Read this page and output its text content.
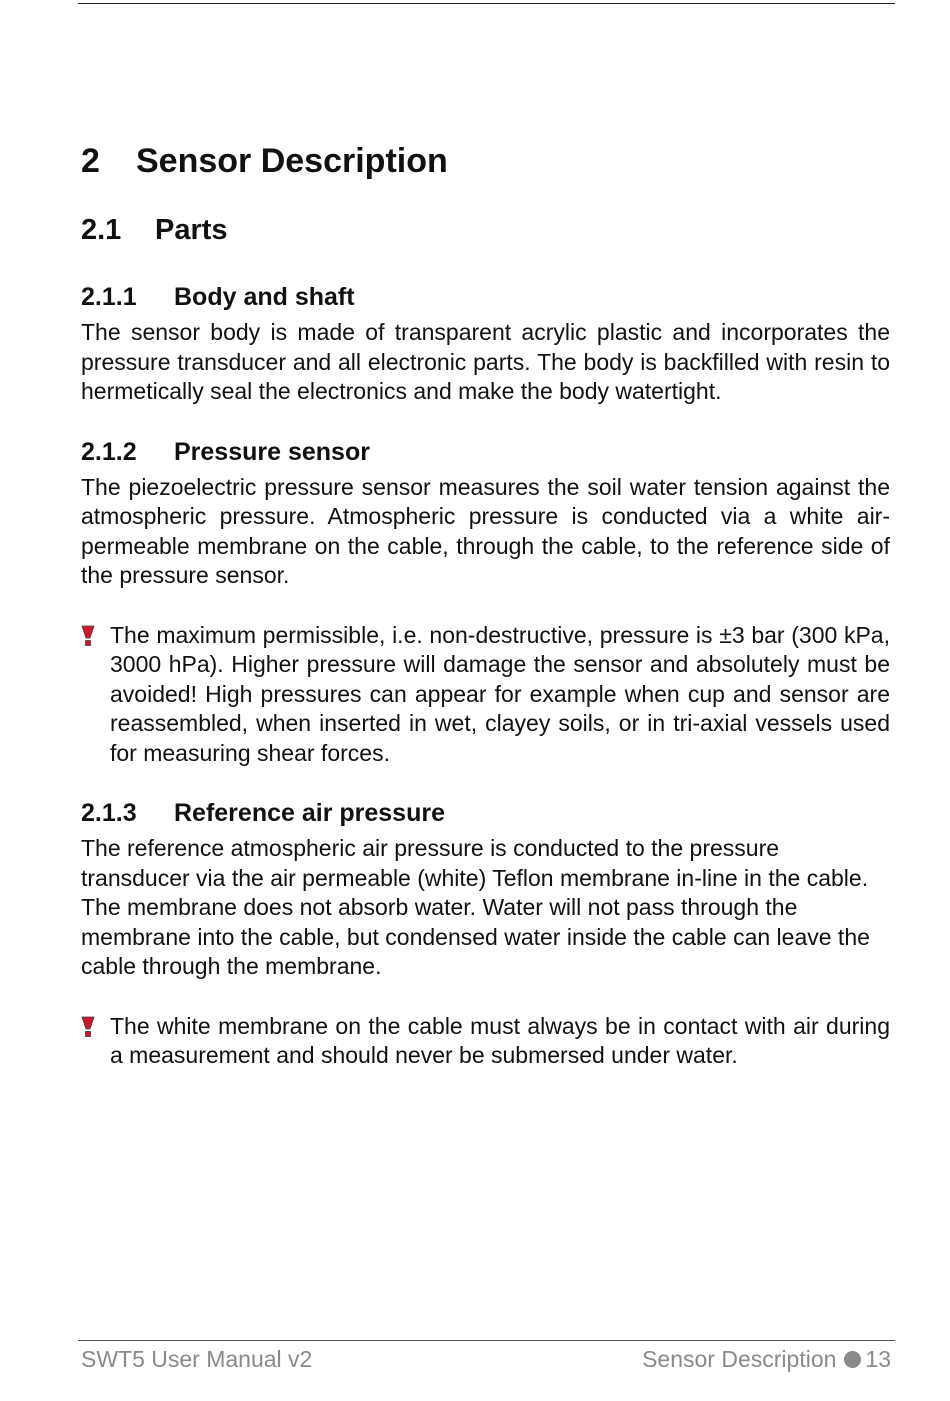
2 Sensor Description
2.1 Parts
2.1.1 Body and shaft

The sensor body is made of transparent acrylic plastic and incorporates the pressure transducer and all electronic parts. The body is backfilled with resin to hermetically seal the electronics and make the body watertight.

2.1.2 Pressure sensor

The piezoelectric pressure sensor measures the soil water tension against the atmospheric pressure. Atmospheric pressure is conducted via a white air-permeable membrane on the cable, through the cable, to the reference side of the pressure sensor.

The maximum permissible, i.e. non-destructive, pressure is ±3 bar (300 kPa, 3000 hPa). Higher pressure will damage the sensor and absolutely must be avoided! High pressures can appear for example when cup and sensor are reassembled, when inserted in wet, clayey soils, or in tri-axial vessels used for measuring shear forces.

2.1.3 Reference air pressure

The reference atmospheric air pressure is conducted to the pressure transducer via the air permeable (white) Teflon membrane in-line in the cable. The membrane does not absorb water. Water will not pass through the membrane into the cable, but condensed water inside the cable can leave the cable through the membrane.

The white membrane on the cable must always be in contact with air during a measurement and should never be submersed under water.

SWT5 User Manual v2	Sensor Description 13
